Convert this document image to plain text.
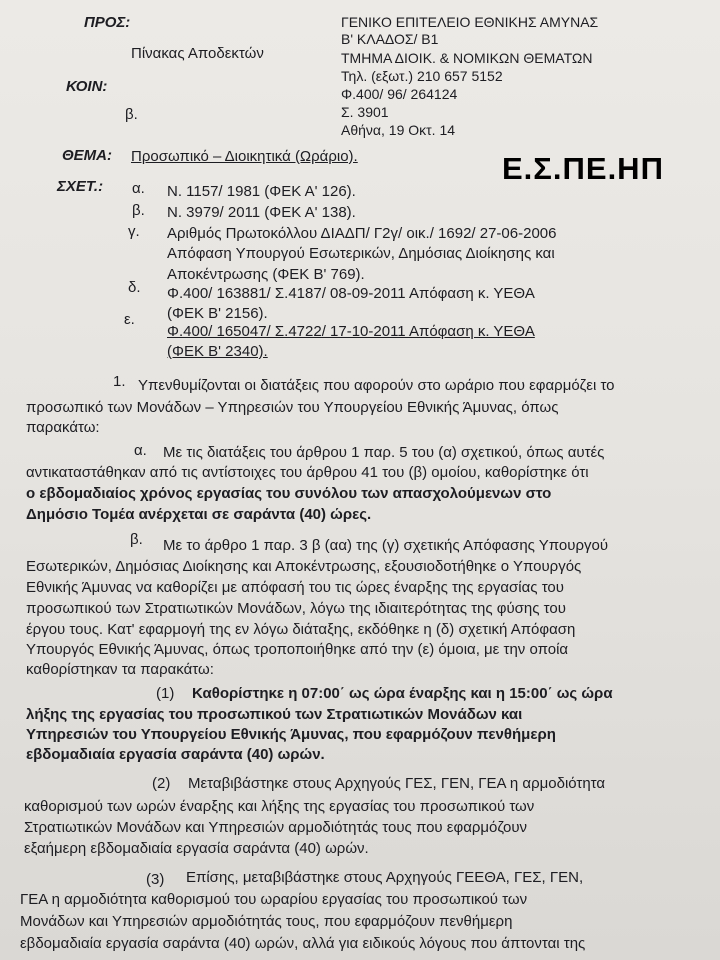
ΠΡΟΣ:
Πίνακας Αποδεκτών
ΚΟΙΝ:
β.
ΓΕΝΙΚΟ ΕΠΙΤΕΛΕΙΟ ΕΘΝΙΚΗΣ ΑΜΥΝΑΣ
Β' ΚΛΑΔΟΣ/ Β1
ΤΜΗΜΑ ΔΙΟΙΚ. & ΝΟΜΙΚΩΝ ΘΕΜΑΤΩΝ
Τηλ. (εξωτ.) 210 657 5152
Φ.400/ 96/ 264124
Σ. 3901
Αθήνα, 19 Οκτ. 14
Ε.Σ.ΠΕ.ΗΠ
ΘΕΜΑ: Προσωπικό – Διοικητικά (Ωράριο).
ΣΧΕΤ.: α. Ν. 1157/ 1981 (ΦΕΚ Α' 126).
β. Ν. 3979/ 2011 (ΦΕΚ Α' 138).
γ. Αριθμός Πρωτοκόλλου ΔΙΑΔΠ/ Γ2γ/ οικ./ 1692/ 27-06-2006
Απόφαση Υπουργού Εσωτερικών, Δημόσιας Διοίκησης και
Αποκέντρωσης (ΦΕΚ Β' 769).
δ. Φ.400/ 163881/ Σ.4187/ 08-09-2011 Απόφαση κ. ΥΕΘΑ
(ΦΕΚ Β' 2156).
ε.
Φ.400/ 165047/ Σ.4722/ 17-10-2011 Απόφαση κ. ΥΕΘΑ
(ΦΕΚ Β' 2340).
1. Υπενθυμίζονται οι διατάξεις που αφορούν στο ωράριο που εφαρμόζει το
προσωπικό των Μονάδων – Υπηρεσιών του Υπουργείου Εθνικής Άμυνας, όπως
παρακάτω:
α. Με τις διατάξεις του άρθρου 1 παρ. 5 του (α) σχετικού, όπως αυτές
αντικαταστάθηκαν από τις αντίστοιχες του άρθρου 41 του (β) ομοίου, καθορίστηκε ότι
ο εβδομαδιαίος χρόνος εργασίας του συνόλου των απασχολούμενων στο
Δημόσιο Τομέα ανέρχεται σε σαράντα (40) ώρες.
β. Με το άρθρο 1 παρ. 3 β (αα) της (γ) σχετικής Απόφασης Υπουργού
Εσωτερικών, Δημόσιας Διοίκησης και Αποκέντρωσης, εξουσιοδοτήθηκε ο Υπουργός
Εθνικής Άμυνας να καθορίζει με απόφασή του τις ώρες έναρξης της εργασίας του
προσωπικού των Στρατιωτικών Μονάδων, λόγω της ιδιαιτερότητας της φύσης του
έργου τους. Κατ' εφαρμογή της εν λόγω διάταξης, εκδόθηκε η (δ) σχετική Απόφαση
Υπουργός Εθνικής Άμυνας, όπως τροποποιήθηκε από την (ε) όμοια, με την οποία
καθορίστηκαν τα παρακάτω:
(1) Καθορίστηκε η 07:00΄ ως ώρα έναρξης και η 15:00΄ ως ώρα
λήξης της εργασίας του προσωπικού των Στρατιωτικών Μονάδων και
Υπηρεσιών του Υπουργείου Εθνικής Άμυνας, που εφαρμόζουν πενθήμερη
εβδομαδιαία εργασία σαράντα (40) ωρών.
(2) Μεταβιβάστηκε στους Αρχηγούς ΓΕΣ, ΓΕΝ, ΓΕΑ η αρμοδιότητα
καθορισμού των ωρών έναρξης και λήξης της εργασίας του προσωπικού των
Στρατιωτικών Μονάδων και Υπηρεσιών αρμοδιότητάς τους που εφαρμόζουν
εξαήμερη εβδομαδιαία εργασία σαράντα (40) ωρών.
(3) Επίσης, μεταβιβάστηκε στους Αρχηγούς ΓΕΕΘΑ, ΓΕΣ, ΓΕΝ,
ΓΕΑ η αρμοδιότητα καθορισμού του ωραρίου εργασίας του προσωπικού των
Μονάδων και Υπηρεσιών αρμοδιότητάς τους, που εφαρμόζουν πενθήμερη
εβδομαδιαία εργασία σαράντα (40) ωρών, αλλά για ειδικούς λόγους που άπτονται της
